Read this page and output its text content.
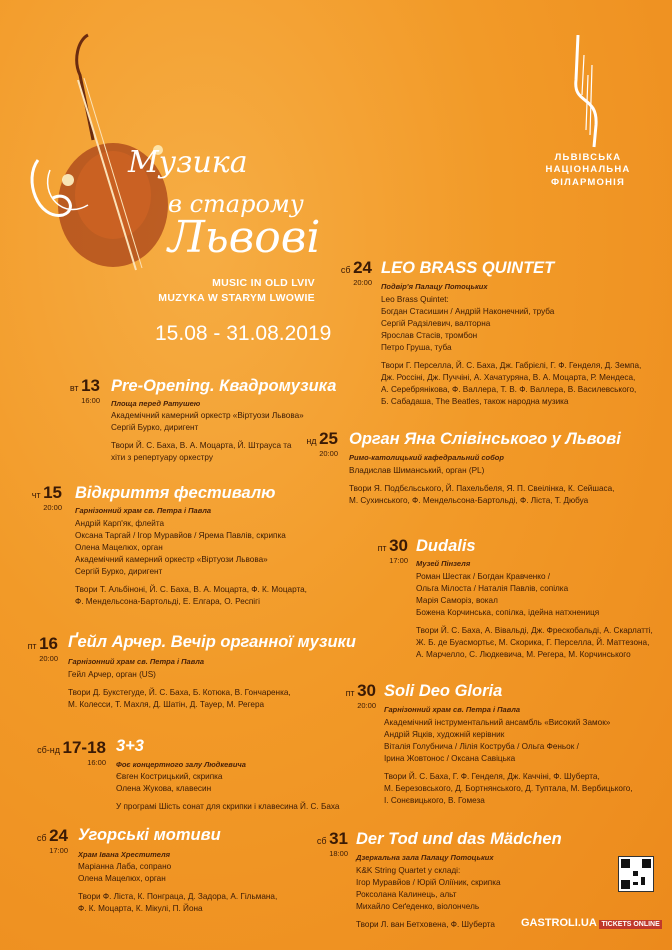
Музика
в старому
Львові
MUSIC IN OLD LVIV
MUZYKA W STARYM LWOWIE
15.08 - 31.08.2019
ЛЬВІВСЬКА
НАЦІОНАЛЬНА
ФІЛАРМОНІЯ
вт 13
16:00
Pre-Opening. Квадромузика
Площа перед Ратушею
Академічний камерний оркестр «Віртуози Львова»
Сергій Бурко, диригент
Твори Й. С. Баха, В. А. Моцарта, Й. Штрауса та
хіти з репертуару оркестру
чт 15
20:00
Відкриття фестивалю
Гарнізонний храм св. Петра і Павла
Андрій Карп'як, флейта
Оксана Таргай / Ігор Муравйов / Ярема Павлів, скрипка
Олена Мацелюх, орган
Академічний камерний оркестр «Віртуози Львова»
Сергій Бурко, диригент
Твори Т. Альбіноні, Й. С. Баха, В. А. Моцарта, Ф. К. Моцарта,
Ф. Мендельсона-Бартольді, Е. Елгара, О. Респігі
пт 16
20:00
Ґейл Арчер. Вечір органної музики
Гарнізонний храм св. Петра і Павла
Гейл Арчер, орган (US)
Твори Д. Букстегуде, Й. С. Баха, Б. Котюка, В. Гончаренка,
М. Колесси, Т. Махля, Д. Шатін, Д. Тауер, М. Регера
сб-нд 17-18
16:00
3+3
Фоє концертного залу Людкевича
Євген Кострицький, скрипка
Олена Жукова, клавесин
У програмі Шість сонат для скрипки і клавесина Й. С. Баха
сб 24
17:00
Угорські мотиви
Храм Івана Хрестителя
Маріанна Лаба, сопрано
Олена Мацелюх, орган
Твори Ф. Ліста, К. Понграца, Д. Задора, А. Гільмана,
Ф. К. Моцарта, К. Мікулі, П. Йона
сб 24
20:00
LEO BRASS QUINTET
Подвір'я Палацу Потоцьких
Leo Brass Quintet:
Богдан Стасишин / Андрій Наконечний, труба
Сергій Радзілевич, валторна
Ярослав Стасів, тромбон
Петро Груша, туба
Твори Г. Перселла, Й. С. Баха, Дж. Габрієлі, Г. Ф. Генделя, Д. Земпа,
Дж. Россіні, Дж. Пуччіні, А. Хачатуряна, В. А. Моцарта, Р. Мендеса,
А. Серебрянікова, Ф. Валлера, Т. В. Ф. Валлера, В. Василевського,
Б. Сабадаша, The Beatles, також народна музика
нд 25
20:00
Орган Яна Слівінського у Львові
Римо-католицький кафедральний собор
Владислав Шиманський, орган (PL)
Твори Я. Подбєльського, Й. Пахельбеля, Я. П. Свеілінка, К. Сейшаса,
М. Сухинського, Ф. Мендельсона-Бартольді, Ф. Ліста, Т. Дюбуа
пт 30
17:00
Dudalis
Музей Пінзеля
Роман Шестак / Богдан Кравченко /
Ольга Мілоста / Наталія Павлів, сопілка
Марія Саморіз, вокал
Божена Корчинська, сопілка, ідейна натхнениця
Твори Й. С. Баха, А. Вівальді, Дж. Фрескобальді, А. Скарлатті,
Ж. Б. де Буасмортьє, М. Скорика, Г. Перселла, Й. Маттезона,
А. Марчелло, С. Людкевича, М. Регера, М. Корчинського
пт 30
20:00
Soli Deo Gloria
Гарнізонний храм св. Петра і Павла
Академічний інструментальний ансамбль «Високий Замок»
Андрій Яцків, художній керівник
Віталія Голубнича / Лілія Коструба / Ольга Феньок /
Ірина Жовтонос / Оксана Савіцька
Твори Й. С. Баха, Г. Ф. Генделя, Дж. Каччіні, Ф. Шуберта,
М. Березовського, Д. Бортнянського, Д. Тупталa, М. Вербицького,
І. Сонєвицького, В. Гомеза
сб 31
18:00
Der Tod und das Mädchen
Дзеркальна зала Палацу Потоцьких
K&K String Quartet у складі:
Ігор Муравйов / Юрій Оліїник, скрипка
Роксолана Калинець, альт
Михайло Сеґеденко, віолончель
Твори Л. ван Бетховена, Ф. Шуберта	GASTROLI.UA TICKETS ONLINE
